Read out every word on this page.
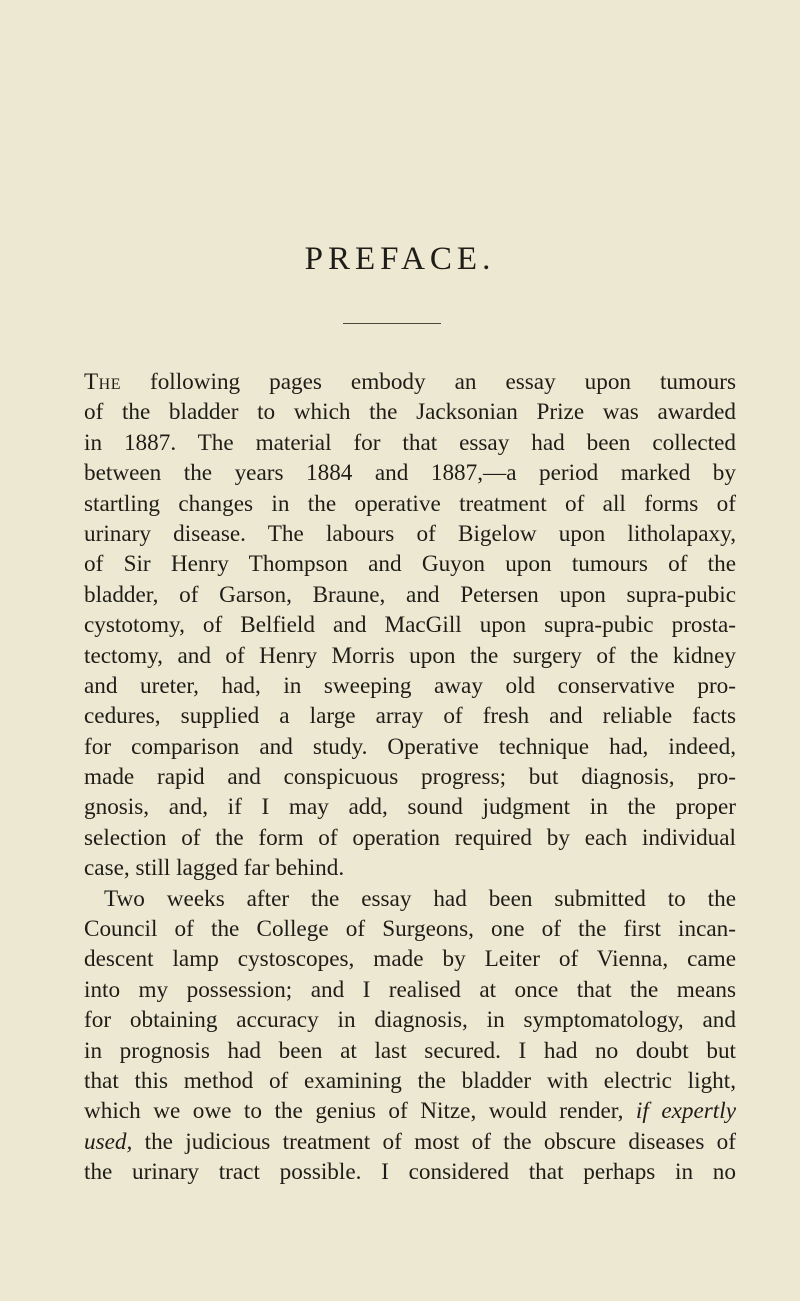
PREFACE.
The following pages embody an essay upon tumours
of the bladder to which the Jacksonian Prize was awarded
in 1887. The material for that essay had been collected
between the years 1884 and 1887,—a period marked by
startling changes in the operative treatment of all forms of
urinary disease. The labours of Bigelow upon litholapaxy,
of Sir Henry Thompson and Guyon upon tumours of the
bladder, of Garson, Braune, and Petersen upon supra-pubic
cystotomy, of Belfield and MacGill upon supra-pubic prosta-
tectomy, and of Henry Morris upon the surgery of the kidney
and ureter, had, in sweeping away old conservative pro-
cedures, supplied a large array of fresh and reliable facts
for comparison and study. Operative technique had, indeed,
made rapid and conspicuous progress; but diagnosis, pro-
gnosis, and, if I may add, sound judgment in the proper
selection of the form of operation required by each individual
case, still lagged far behind.
Two weeks after the essay had been submitted to the
Council of the College of Surgeons, one of the first incan-
descent lamp cystoscopes, made by Leiter of Vienna, came
into my possession; and I realised at once that the means
for obtaining accuracy in diagnosis, in symptomatology, and
in prognosis had been at last secured. I had no doubt but
that this method of examining the bladder with electric light,
which we owe to the genius of Nitze, would render, if expertly
used, the judicious treatment of most of the obscure diseases of
the urinary tract possible. I considered that perhaps in no
